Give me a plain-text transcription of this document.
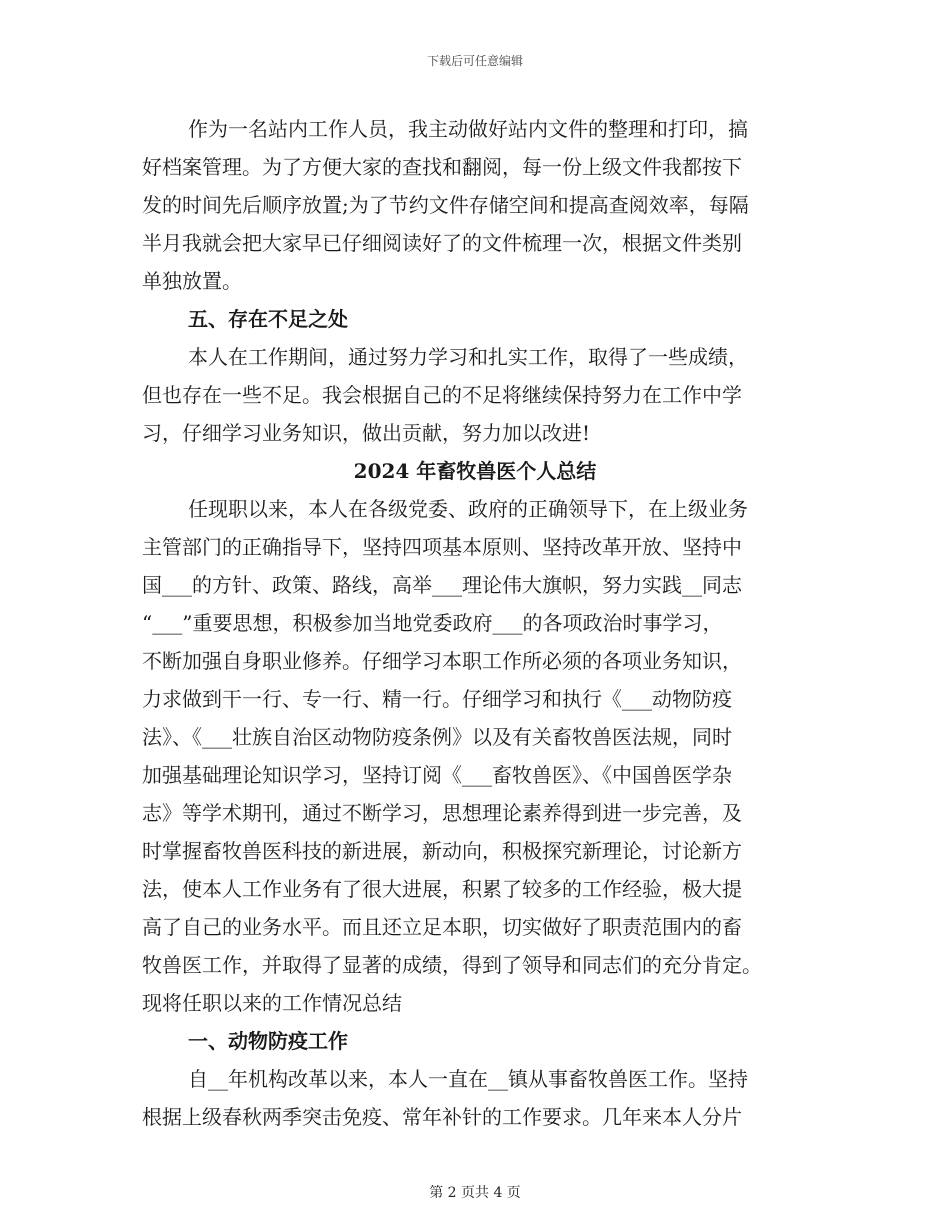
下载后可任意编辑
作为一名站内工作人员，我主动做好站内文件的整理和打印，搞
好档案管理。为了方便大家的查找和翻阅，每一份上级文件我都按下
发的时间先后顺序放置;为了节约文件存储空间和提高查阅效率，每隔
半月我就会把大家早已仔细阅读好了的文件梳理一次，根据文件类别
单独放置。
五、存在不足之处
本人在工作期间，通过努力学习和扎实工作，取得了一些成绩，
但也存在一些不足。我会根据自己的不足将继续保持努力在工作中学
习，仔细学习业务知识，做出贡献，努力加以改进!
2024 年畜牧兽医个人总结
任现职以来，本人在各级党委、政府的正确领导下，在上级业务
主管部门的正确指导下，坚持四项基本原则、坚持改革开放、坚持中
国___的方针、政策、路线，高举___理论伟大旗帜，努力实践__同志
“___”重要思想，积极参加当地党委政府___的各项政治时事学习，
不断加强自身职业修养。仔细学习本职工作所必须的各项业务知识，
力求做到干一行、专一行、精一行。仔细学习和执行《___动物防疫
法》、《___壮族自治区动物防疫条例》以及有关畜牧兽医法规，同时
加强基础理论知识学习，坚持订阅《___畜牧兽医》、《中国兽医学杂
志》等学术期刊，通过不断学习，思想理论素养得到进一步完善，及
时掌握畜牧兽医科技的新进展，新动向，积极探究新理论，讨论新方
法，使本人工作业务有了很大进展，积累了较多的工作经验，极大提
高了自己的业务水平。而且还立足本职，切实做好了职责范围内的畜
牧兽医工作，并取得了显著的成绩，得到了领导和同志们的充分肯定。
现将任职以来的工作情况总结
一、动物防疫工作
自__年机构改革以来，本人一直在__镇从事畜牧兽医工作。坚持
根据上级春秋两季突击免疫、常年补针的工作要求。几年来本人分片
第 2 页共 4 页
